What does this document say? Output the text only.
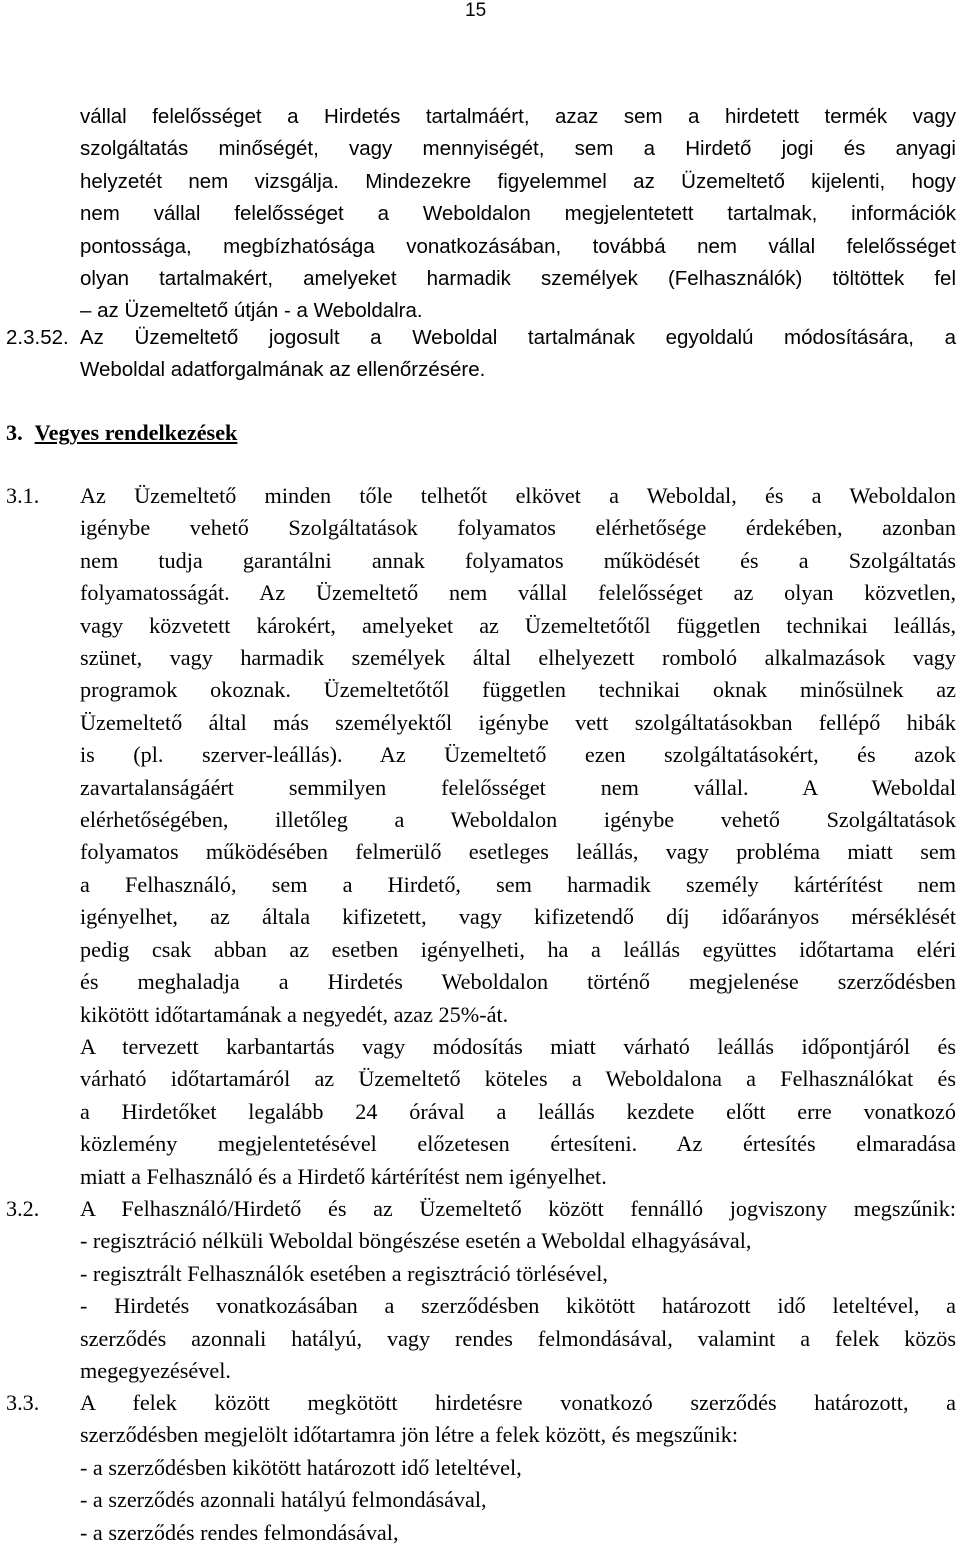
15
vállal felelősséget a Hirdetés tartalmáért, azaz sem a hirdetett termék vagy
szolgáltatás minőségét, vagy mennyiségét, sem a Hirdető jogi és anyagi
helyzetét nem vizsgálja. Mindezekre figyelemmel az Üzemeltető kijelenti, hogy
nem vállal felelősséget a Weboldalon megjelentetett tartalmak, információk
pontossága, megbízhatósága vonatkozásában, továbbá nem vállal felelősséget
olyan tartalmakért, amelyeket harmadik személyek (Felhasználók) töltöttek fel
– az Üzemeltető útján - a Weboldalra.
2.3.52. Az Üzemeltető jogosult a Weboldal tartalmának egyoldalú módosítására, a
Weboldal adatforgalmának az ellenőrzésére.
3. Vegyes rendelkezések
3.1. Az Üzemeltető minden tőle telhetőt elkövet a Weboldal, és a Weboldalon
igénybe vehető Szolgáltatások folyamatos elérhetősége érdekében, azonban
nem tudja garantálni annak folyamatos működését és a Szolgáltatás
folyamatosságát. Az Üzemeltető nem vállal felelősséget az olyan közvetlen,
vagy közvetett károkért, amelyeket az Üzemeltetőtől független technikai leállás,
szünet, vagy harmadik személyek által elhelyezett romboló alkalmazások vagy
programok okoznak. Üzemeltetőtől független technikai oknak minősülnek az
Üzemeltető által más személyektől igénybe vett szolgáltatásokban fellépő hibák
is (pl. szerver-leállás). Az Üzemeltető ezen szolgáltatásokért, és azok
zavartalanságáért semmilyen felelősséget nem vállal. A Weboldal
elérhetőségében, illetőleg a Weboldalon igénybe vehető Szolgáltatások
folyamatos működésében felmerülő esetleges leállás, vagy probléma miatt sem
a Felhasználó, sem a Hirdető, sem harmadik személy kártérítést nem
igényelhet, az általa kifizetett, vagy kifizetendő díj időarányos mérséklését
pedig csak abban az esetben igényelheti, ha a leállás együttes időtartama eléri
és meghaladja a Hirdetés Weboldalon történő megjelenése szerződésben
kikötött időtartamának a negyedét, azaz 25%-át.
A tervezett karbantartás vagy módosítás miatt várható leállás időpontjáról és
várható időtartamáról az Üzemeltető köteles a Weboldalona a Felhasználókat és
a Hirdetőket legalább 24 órával a leállás kezdete előtt erre vonatkozó
közlemény megjelentetésével előzetesen értesíteni. Az értesítés elmaradása
miatt a Felhasználó és a Hirdető kártérítést nem igényelhet.
3.2. A Felhasználó/Hirdető és az Üzemeltető között fennálló jogviszony megszűnik:
- regisztráció nélküli Weboldal böngészése esetén a Weboldal elhagyásával,
- regisztrált Felhasználók esetében a regisztráció törlésével,
- Hirdetés vonatkozásában a szerződésben kikötött határozott idő leteltével, a
szerződés azonnali hatályú, vagy rendes felmondásával, valamint a felek közös
megegyezésével.
3.3. A felek között megkötött hirdetésre vonatkozó szerződés határozott, a
szerződésben megjelölt időtartamra jön létre a felek között, és megszűnik:
- a szerződésben kikötött határozott idő leteltével,
- a szerződés azonnali hatályú felmondásával,
- a szerződés rendes felmondásával,
